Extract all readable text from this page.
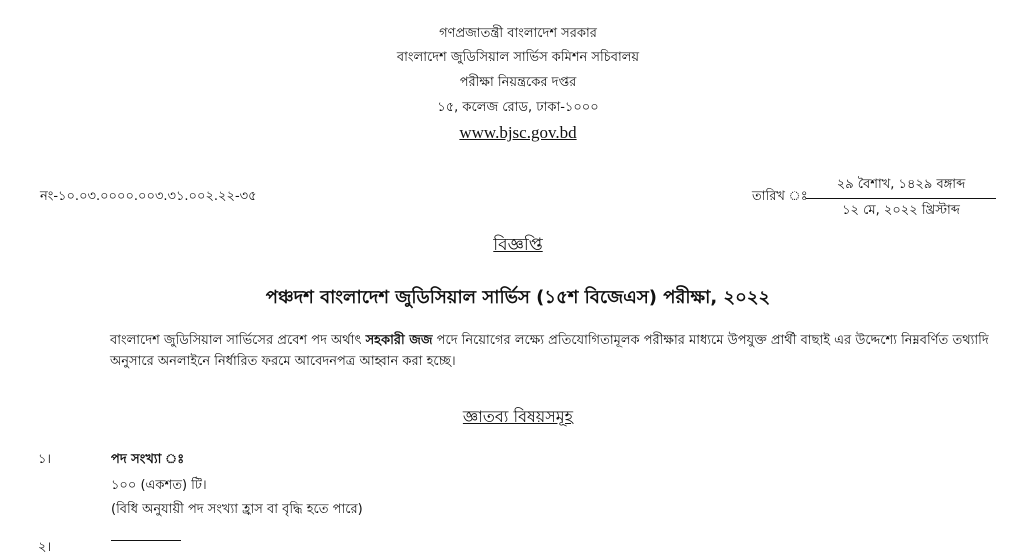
গণপ্রজাতন্ত্রী বাংলাদেশ সরকার
বাংলাদেশ জুডিসিয়াল সার্ভিস কমিশন সচিবালয়
পরীক্ষা নিয়ন্ত্রকের দপ্তর
১৫, কলেজ রোড, ঢাকা-১০০০
www.bjsc.gov.bd
নং-১০.০৩.০০০০.০০৩.৩১.০০২.২২-৩৫	তারিখ ঃ
২৯ বৈশাখ, ১৪২৯ বঙ্গাব্দ
১২ মে, ২০২২ খ্রিস্টাব্দ
বিজ্ঞপ্তি
পঞ্চদশ বাংলাদেশ জুডিসিয়াল সার্ভিস (১৫শ বিজেএস) পরীক্ষা, ২০২২
বাংলাদেশ জুডিসিয়াল সার্ভিসের প্রবেশ পদ অর্থাৎ সহকারী জজ পদে নিয়োগের লক্ষ্যে প্রতিযোগিতামূলক পরীক্ষার মাধ্যমে উপযুক্ত প্রার্থী বাছাই এর উদ্দেশ্যে নিম্নবর্ণিত তথ্যাদি অনুসারে অনলাইনে নির্ধারিত ফরমে আবেদনপত্র আহ্বান করা হচ্ছে।
জ্ঞাতব্য বিষয়সমূহ
১।	পদ সংখ্যা ঃ
১০০ (একশত) টি।
(বিধি অনুযায়ী পদ সংখ্যা হ্রাস বা বৃদ্ধি হতে পারে)
২।
